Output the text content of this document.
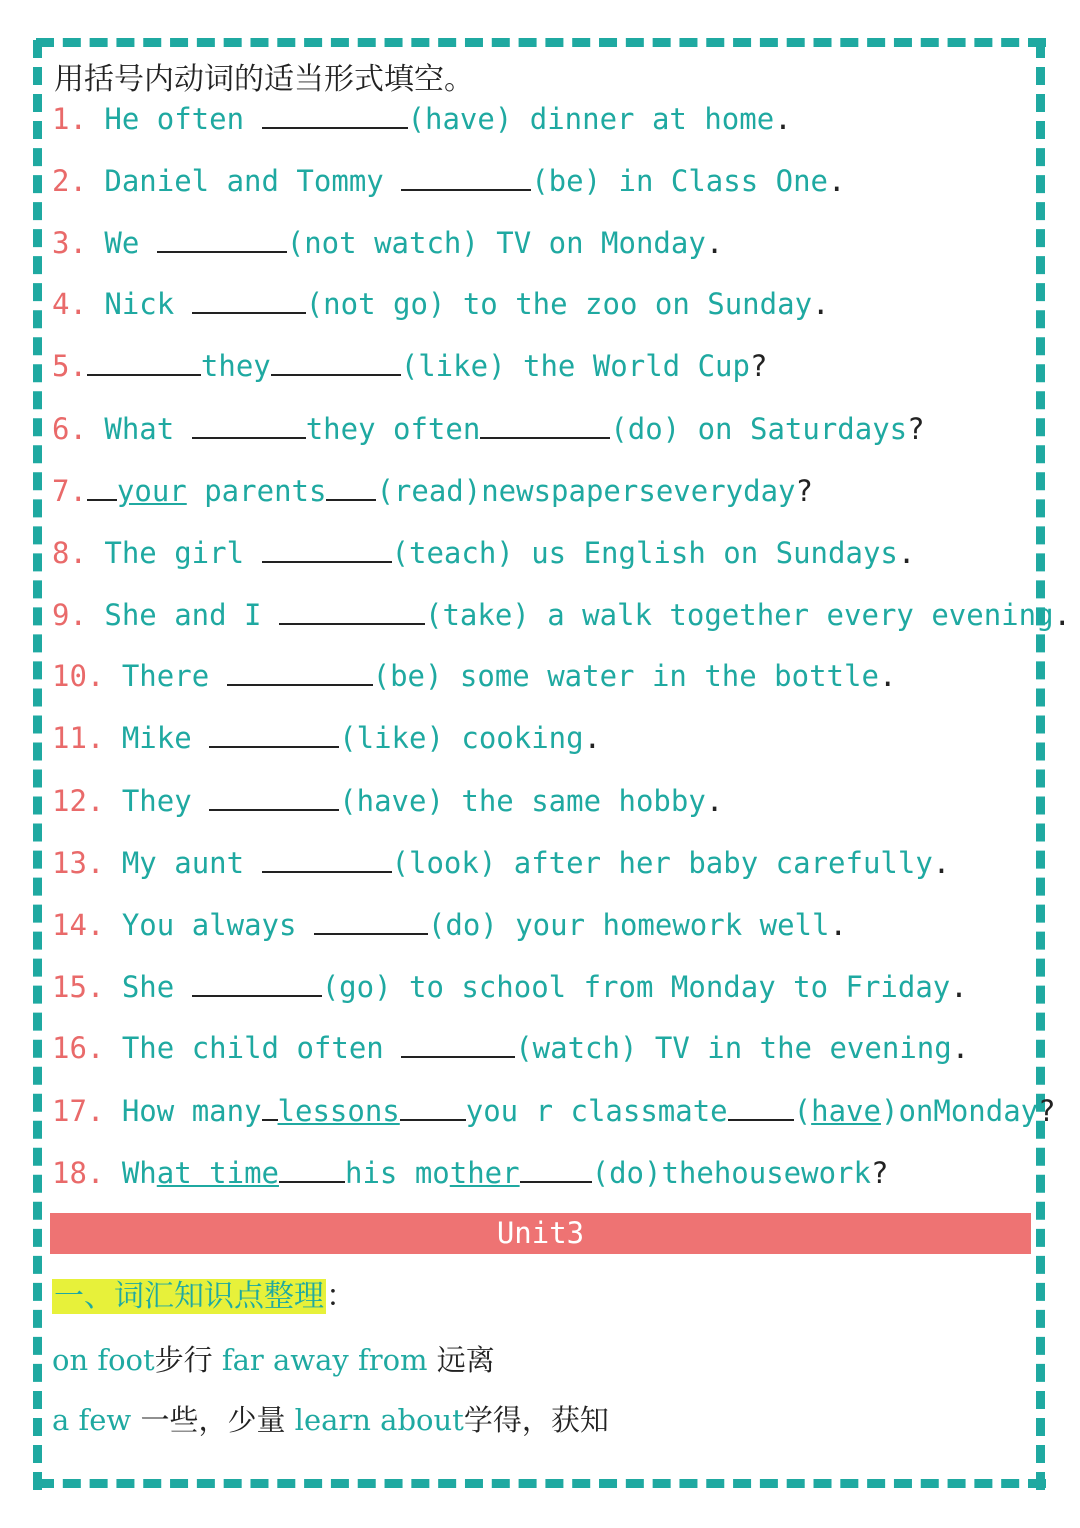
用括号内动词的适当形式填空。
1. He often	(have) dinner at home.
2. Daniel and Tommy	(be) in Class One.
3. We	(not watch) TV on Monday.
4. Nick	(not go) to the zoo on Sunday.
5.	they	(like) the World Cup?
6. What	they often	(do) on Saturdays?
7. your parents (read)newspaperseveryday?
8. The girl	(teach) us English on Sundays.
9. She and I	(take) a walk together every evening.
10. There	(be) some water in the bottle.
11. Mike	(like) cooking.
12. They	(have) the same hobby.
13. My aunt	(look) after her baby carefully.
14. You always	(do) your homework well.
15. She	(go) to school from Monday to Friday.
16. The child often	(watch) TV in the evening.
17. How many lessons you r classmate (have)onMonday?
18. What time his mother (do)thehousework?
Unit3
一、词汇知识点整理：
on foot步行 far away from 远离
a few 一些，少量 learn about学得，获知
